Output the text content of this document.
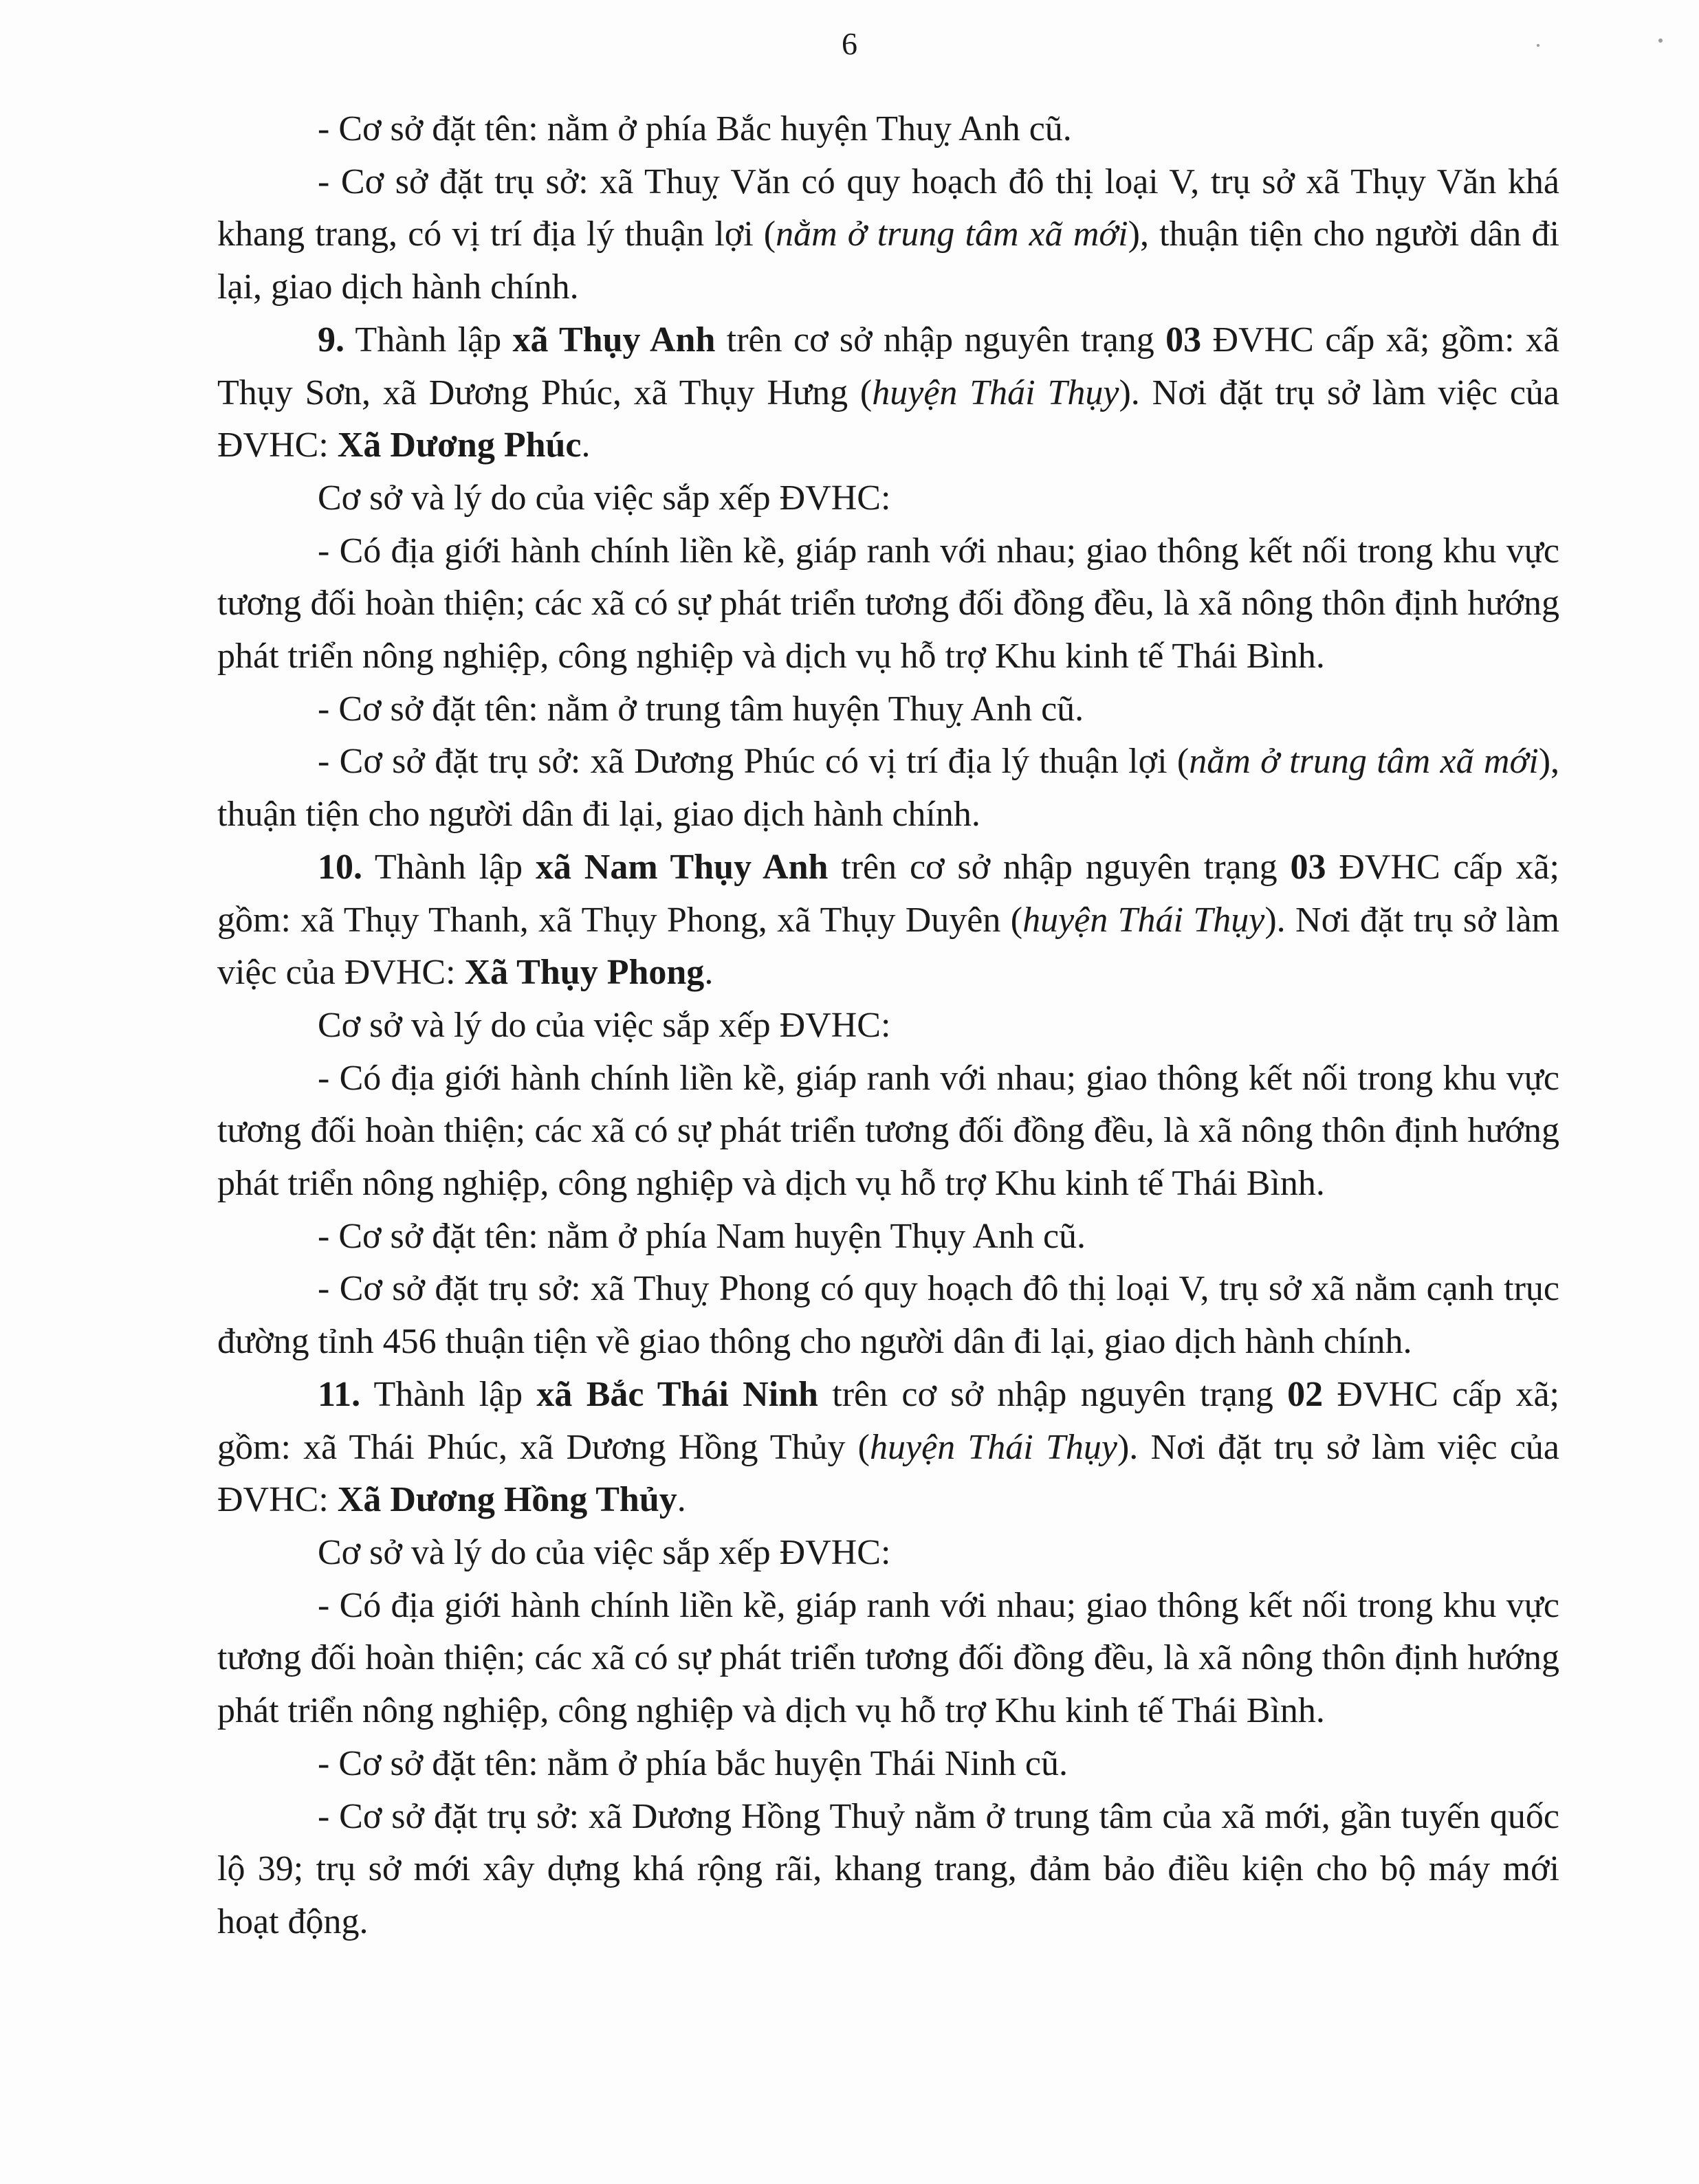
6

- Cơ sở đặt tên: nằm ở phía Bắc huyện Thuỵ Anh cũ.

- Cơ sở đặt trụ sở: xã Thuỵ Văn có quy hoạch đô thị loại V, trụ sở xã Thụy Văn khá khang trang, có vị trí địa lý thuận lợi (nằm ở trung tâm xã mới), thuận tiện cho người dân đi lại, giao dịch hành chính.

9. Thành lập xã Thụy Anh trên cơ sở nhập nguyên trạng 03 ĐVHC cấp xã; gồm: xã Thụy Sơn, xã Dương Phúc, xã Thụy Hưng (huyện Thái Thụy). Nơi đặt trụ sở làm việc của ĐVHC: Xã Dương Phúc.

Cơ sở và lý do của việc sắp xếp ĐVHC:

- Có địa giới hành chính liền kề, giáp ranh với nhau; giao thông kết nối trong khu vực tương đối hoàn thiện; các xã có sự phát triển tương đối đồng đều, là xã nông thôn định hướng phát triển nông nghiệp, công nghiệp và dịch vụ hỗ trợ Khu kinh tế Thái Bình.

- Cơ sở đặt tên: nằm ở trung tâm huyện Thuỵ Anh cũ.

- Cơ sở đặt trụ sở: xã Dương Phúc có vị trí địa lý thuận lợi (nằm ở trung tâm xã mới), thuận tiện cho người dân đi lại, giao dịch hành chính.

10. Thành lập xã Nam Thụy Anh trên cơ sở nhập nguyên trạng 03 ĐVHC cấp xã; gồm: xã Thụy Thanh, xã Thụy Phong, xã Thụy Duyên (huyện Thái Thụy). Nơi đặt trụ sở làm việc của ĐVHC: Xã Thụy Phong.

Cơ sở và lý do của việc sắp xếp ĐVHC:

- Có địa giới hành chính liền kề, giáp ranh với nhau; giao thông kết nối trong khu vực tương đối hoàn thiện; các xã có sự phát triển tương đối đồng đều, là xã nông thôn định hướng phát triển nông nghiệp, công nghiệp và dịch vụ hỗ trợ Khu kinh tế Thái Bình.

- Cơ sở đặt tên: nằm ở phía Nam huyện Thụy Anh cũ.

- Cơ sở đặt trụ sở: xã Thuỵ Phong có quy hoạch đô thị loại V, trụ sở xã nằm cạnh trục đường tỉnh 456 thuận tiện về giao thông cho người dân đi lại, giao dịch hành chính.

11. Thành lập xã Bắc Thái Ninh trên cơ sở nhập nguyên trạng 02 ĐVHC cấp xã; gồm: xã Thái Phúc, xã Dương Hồng Thủy (huyện Thái Thụy). Nơi đặt trụ sở làm việc của ĐVHC: Xã Dương Hồng Thủy.

Cơ sở và lý do của việc sắp xếp ĐVHC:

- Có địa giới hành chính liền kề, giáp ranh với nhau; giao thông kết nối trong khu vực tương đối hoàn thiện; các xã có sự phát triển tương đối đồng đều, là xã nông thôn định hướng phát triển nông nghiệp, công nghiệp và dịch vụ hỗ trợ Khu kinh tế Thái Bình.

- Cơ sở đặt tên: nằm ở phía bắc huyện Thái Ninh cũ.

- Cơ sở đặt trụ sở: xã Dương Hồng Thuỷ nằm ở trung tâm của xã mới, gần tuyến quốc lộ 39; trụ sở mới xây dựng khá rộng rãi, khang trang, đảm bảo điều kiện cho bộ máy mới hoạt động.
